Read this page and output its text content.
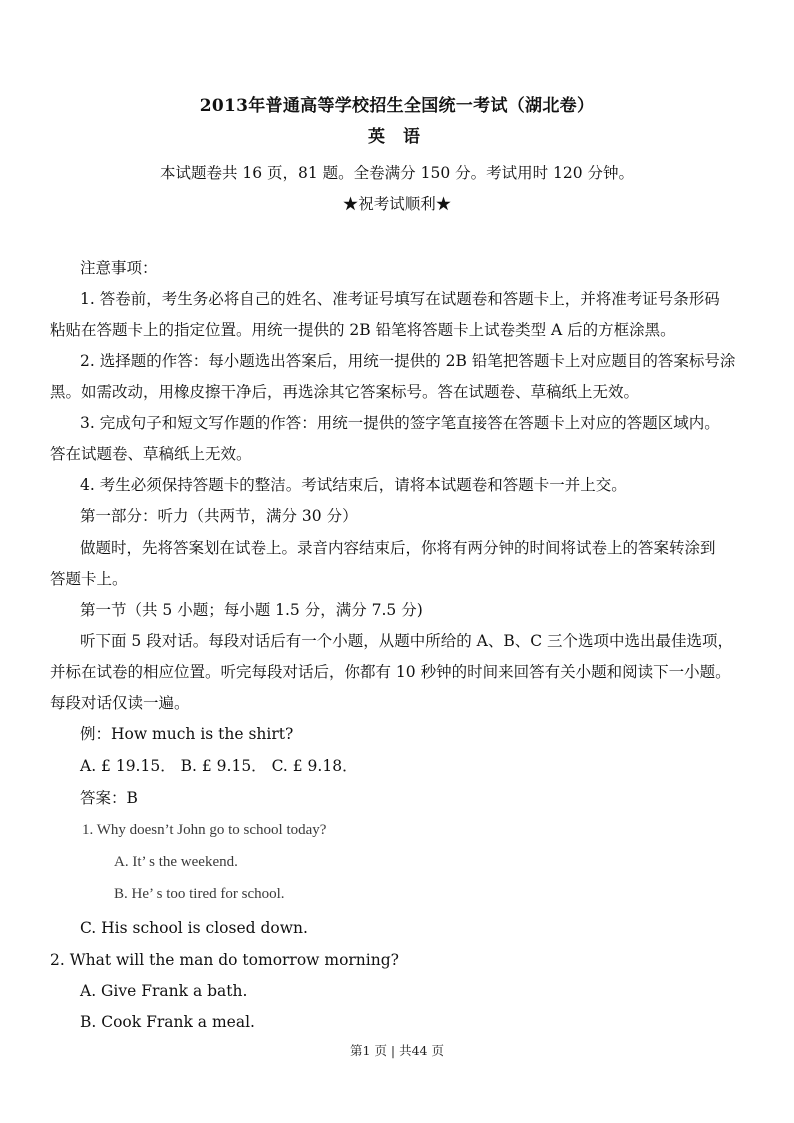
2013年普通高等学校招生全国统一考试（湖北卷）
英 语
本试题卷共 16 页，81 题。全卷满分 150 分。考试用时 120 分钟。
★祝考试顺利★
注意事项：
1. 答卷前，考生务必将自己的姓名、准考证号填写在试题卷和答题卡上，并将准考证号条形码
粘贴在答题卡上的指定位置。用统一提供的 2B 铅笔将答题卡上试卷类型 A 后的方框涂黑。
2. 选择题的作答：每小题选出答案后，用统一提供的 2B 铅笔把答题卡上对应题目的答案标号涂
黑。如需改动，用橡皮擦干净后，再选涂其它答案标号。答在试题卷、草稿纸上无效。
3. 完成句子和短文写作题的作答：用统一提供的签字笔直接答在答题卡上对应的答题区域内。
答在试题卷、草稿纸上无效。
4. 考生必须保持答题卡的整洁。考试结束后，请将本试题卷和答题卡一并上交。
第一部分：听力（共两节，满分 30 分）
做题时，先将答案划在试卷上。录音内容结束后，你将有两分钟的时间将试卷上的答案转涂到
答题卡上。
第一节（共 5 小题；每小题 1.5 分，满分 7.5 分)
听下面 5 段对话。每段对话后有一个小题，从题中所给的 A、B、C 三个选项中选出最佳选项，
并标在试卷的相应位置。听完每段对话后，你都有 10 秒钟的时间来回答有关小题和阅读下一小题。
每段对话仅读一遍。
例：How much is the shirt?
A. £ 19.15． B. £ 9.15． C. £ 9.18．
答案：B
1. Why doesn’t John go to school today?
A. It’ s the weekend.
B. He’ s too tired for school.
C. His school is closed down.
2. What will the man do tomorrow morning?
A. Give Frank a bath.
B. Cook Frank a meal.
第1 页 | 共44 页
